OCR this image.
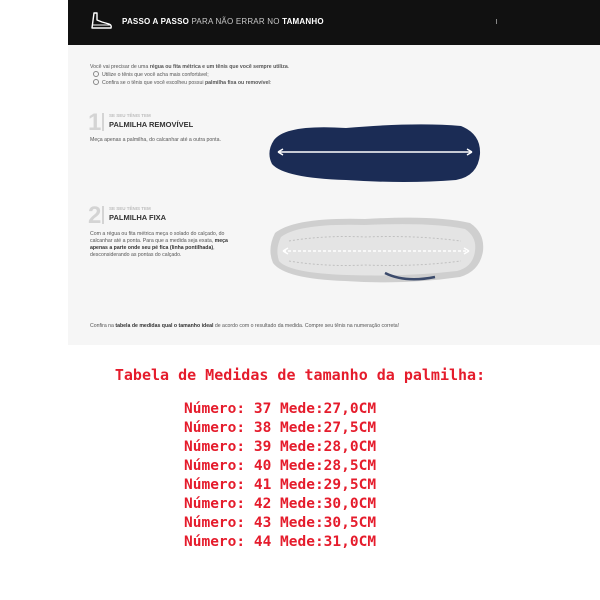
PASSO A PASSO PARA NÃO ERRAR NO TAMANHO
Você vai precisar de uma régua ou fita métrica e um tênis que você sempre utiliza.
Utilize o tênis que você acha mais confortável;
Confira se o tênis que você escolheu possui palmilha fixa ou removível:
1 SE SEU TÊNIS TEM
PALMILHA REMOVÍVEL
Meça apenas a palmilha, do calcanhar até a outra ponta.
2 SE SEU TÊNIS TEM
PALMILHA FIXA
Com a régua ou fita métrica meça o solado do calçado, do calcanhar até a ponta. Para que a medida seja exata, meça apenas a parte onde seu pé fica (linha pontilhada), desconsiderando as pontas do calçado.
Confira na tabela de medidas qual o tamanho ideal de acordo com o resultado da medida. Compre seu tênis na numeração correta!
Tabela de Medidas de tamanho da palmilha:
Número: 37 Mede:27,0CM
Número: 38 Mede:27,5CM
Número: 39 Mede:28,0CM
Número: 40 Mede:28,5CM
Número: 41 Mede:29,5CM
Número: 42 Mede:30,0CM
Número: 43 Mede:30,5CM
Número: 44 Mede:31,0CM
